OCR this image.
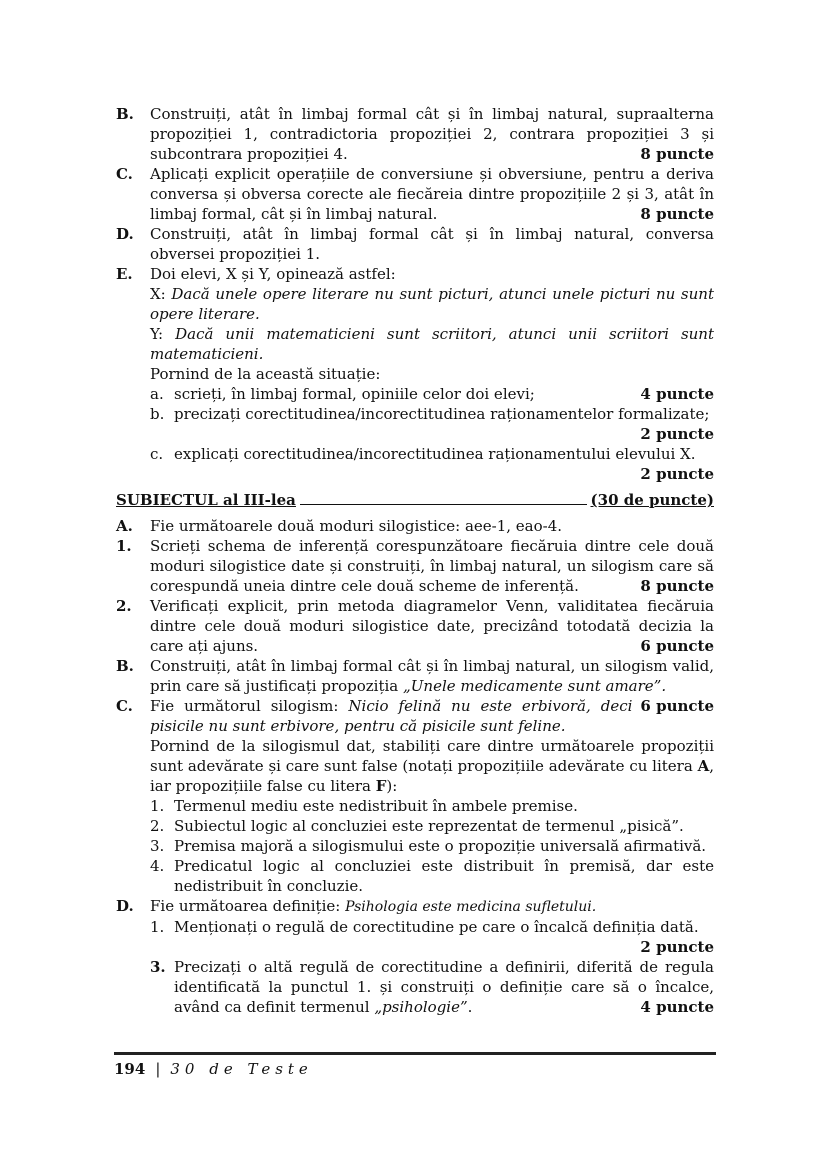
B. Construiți, atât în limbaj formal cât și în limbaj natural, supraalterna propoziției 1, contradictoria propoziției 2, contrara propoziției 3 și subcontrara propoziției 4.	8 puncte
C. Aplicați explicit operațiile de conversiune și obversiune, pentru a deriva conversa și obversa corecte ale fiecăreia dintre propozițiile 2 și 3, atât în limbaj formal, cât și în limbaj natural.	8 puncte
D. Construiți, atât în limbaj formal cât și în limbaj natural, conversa obversei propoziției 1.
E. Doi elevi, X și Y, opinează astfel:
X: Dacă unele opere literare nu sunt picturi, atunci unele picturi nu sunt opere literare.
Y: Dacă unii matematicieni sunt scriitori, atunci unii scriitori sunt matematicieni.
Pornind de la această situație:
a. scrieți, în limbaj formal, opiniile celor doi elevi;	4 puncte
b. precizați corectitudinea/incorectitudinea raționamentelor formalizate;
2 puncte
c. explicați corectitudinea/incorectitudinea raționamentului elevului X.
2 puncte
SUBIECTUL al III-lea	(30 de puncte)
A. Fie următoarele două moduri silogistice: aee-1, eao-4.
1. Scrieți schema de inferență corespunzătoare fiecăruia dintre cele două moduri silogistice date și construiți, în limbaj natural, un silogism care să corespundă uneia dintre cele două scheme de inferență.	8 puncte
2. Verificați explicit, prin metoda diagramelor Venn, validitatea fiecăruia dintre cele două moduri silogistice date, precizând totodată decizia la care ați ajuns.	6 puncte
B. Construiți, atât în limbaj formal cât și în limbaj natural, un silogism valid, prin care să justificați propoziția „Unele medicamente sunt amare”.
6 puncte
C. Fie următorul silogism: Nicio felină nu este erbivoră, deci pisicile nu sunt erbivore, pentru că pisicile sunt feline.
Pornind de la silogismul dat, stabiliți care dintre următoarele propoziții sunt adevărate și care sunt false (notați propozițiile adevărate cu litera A, iar propozițiile false cu litera F):
1. Termenul mediu este nedistribuit în ambele premise.
2. Subiectul logic al concluziei este reprezentat de termenul „pisică”.
3. Premisa majoră a silogismului este o propoziție universală afirmativă.
4. Predicatul logic al concluziei este distribuit în premisă, dar este nedistribuit în concluzie.
D. Fie următoarea definiție: Psihologia este medicina sufletului.
1. Menționați o regulă de corectitudine pe care o încalcă definiția dată.
2 puncte
3. Precizați o altă regulă de corectitudine a definirii, diferită de regula identificată la punctul 1. și construiți o definiție care să o încalce, având ca definit termenul „psihologie”.	4 puncte
194 | 30 de Teste
